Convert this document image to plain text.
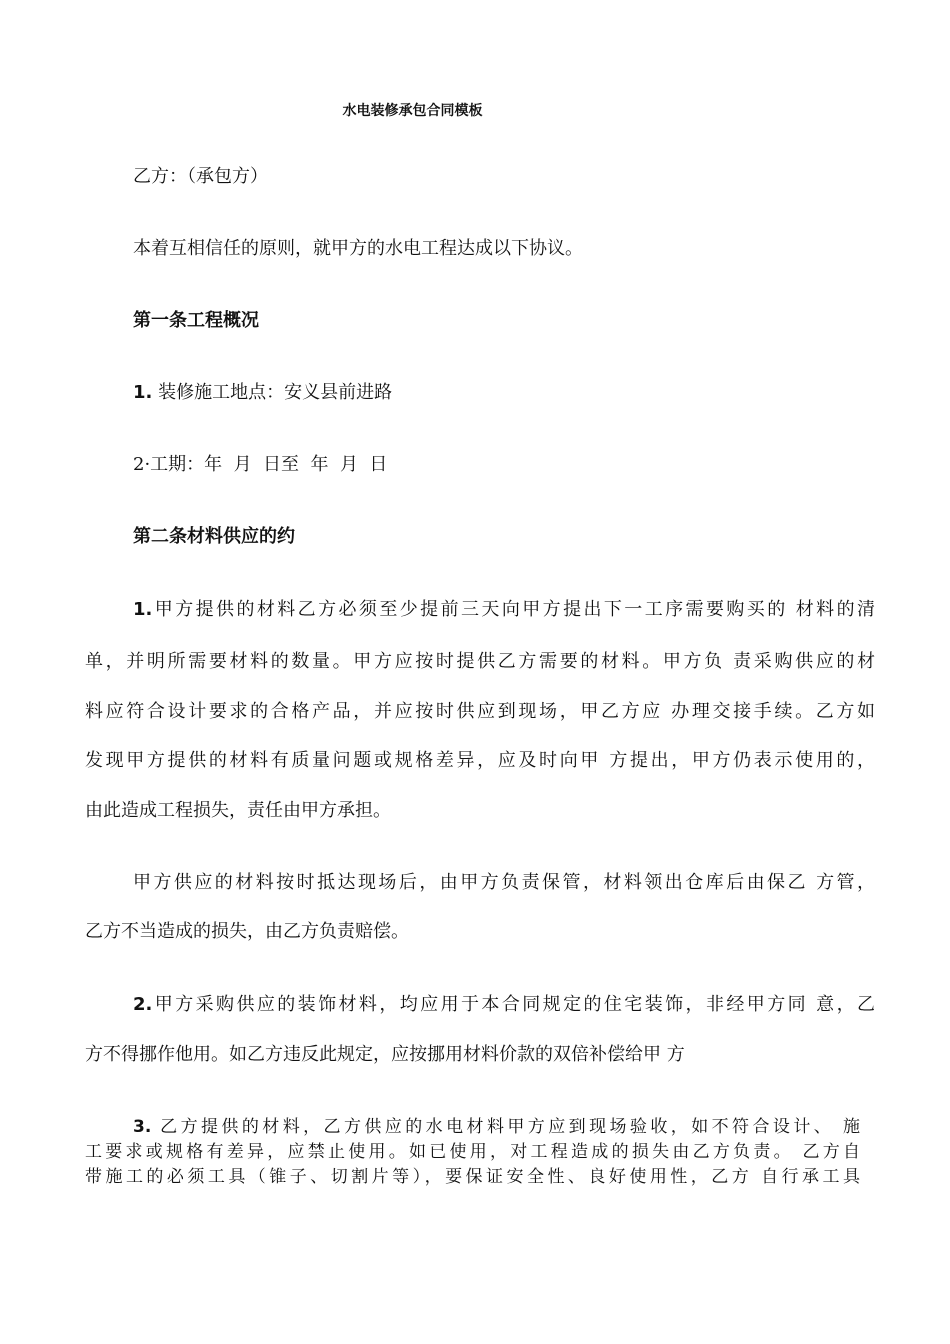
水电装修承包合同模板
乙方：（承包方）
本着互相信任的原则，就甲方的水电工程达成以下协议。
第一条工程概况
1. 装修施工地点：安义县前进路
2·工期：年  月  日至  年  月  日
第二条材料供应的约
1.甲方提供的材料乙方必须至少提前三天向甲方提出下一工序需要购买的 材料的清
单，并明所需要材料的数量。甲方应按时提供乙方需要的材料。甲方负 责采购供应的材
料应符合设计要求的合格产品，并应按时供应到现场，甲乙方应 办理交接手续。乙方如
发现甲方提供的材料有质量问题或规格差异，应及时向甲 方提出，甲方仍表示使用的，
由此造成工程损失，责任由甲方承担。
甲方供应的材料按时抵达现场后，由甲方负责保管，材料领出仓库后由保乙 方管，
乙方不当造成的损失，由乙方负责赔偿。
2.甲方采购供应的装饰材料，均应用于本合同规定的住宅装饰，非经甲方同 意，乙
方不得挪作他用。如乙方违反此规定，应按挪用材料价款的双倍补偿给甲 方
3. 乙方提供的材料，乙方供应的水电材料甲方应到现场验收，如不符合设计、 施
工要求或规格有差异，应禁止使用。如已使用，对工程造成的损失由乙方负责。 乙方自
带施工的必须工具（锥子、切割片等），要保证安全性、良好使用性，乙方 自行承工具
